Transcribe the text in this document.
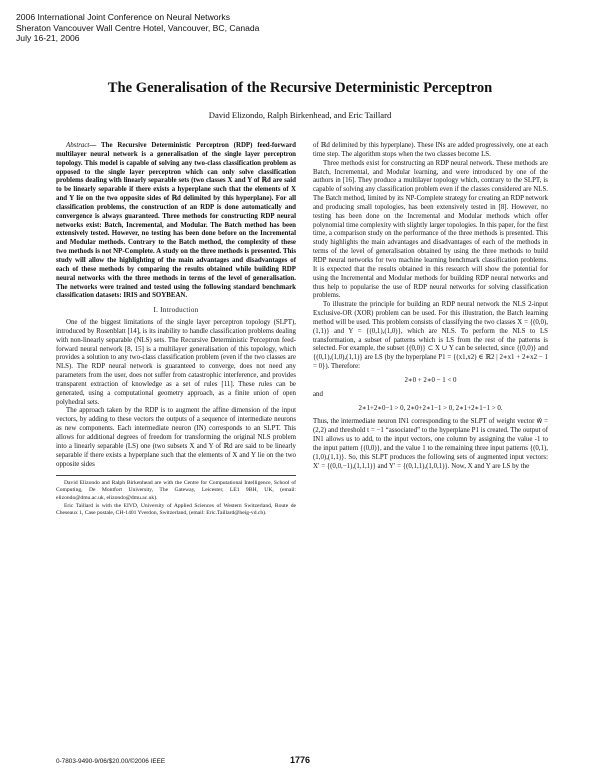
2006 International Joint Conference on Neural Networks
Sheraton Vancouver Wall Centre Hotel, Vancouver, BC, Canada
July 16-21, 2006
The Generalisation of the Recursive Deterministic Perceptron
David Elizondo, Ralph Birkenhead, and Eric Taillard

Abstract— The Recursive Deterministic Perceptron (RDP) feed-forward multilayer neural network is a generalisation of the single layer perceptron topology. This model is capable of solving any two-class classification problem as opposed to the single layer perceptron which can only solve classification problems dealing with linearly separable sets (two classes X and Y of ℝd are said to be linearly separable if there exists a hyperplane such that the elements of X and Y lie on the two opposite sides of ℝd delimited by this hyperplane). For all classification problems, the construction of an RDP is done automatically and convergence is always guaranteed. Three methods for constructing RDP neural networks exist: Batch, Incremental, and Modular. The Batch method has been extensively tested. However, no testing has been done before on the Incremental and Modular methods. Contrary to the Batch method, the complexity of these two methods is not NP-Complete. A study on the three methods is presented. This study will allow the highlighting of the main advantages and disadvantages of each of these methods by comparing the results obtained while building RDP neural networks with the three methods in terms of the level of generalisation. The networks were trained and tested using the following standard benchmark classification datasets: IRIS and SOYBEAN.

I. Introduction

One of the biggest limitations of the single layer perceptron topology (SLPT), introduced by Rosenblatt [14], is its inability to handle classification problems dealing with non-linearly separable (NLS) sets. The Recursive Deterministic Perceptron feed-forward neural network [8, 15] is a multilayer generalisation of this topology, which provides a solution to any two-class classification problem (even if the two classes are NLS). The RDP neural network is guaranteed to converge, does not need any parameters from the user, does not suffer from catastrophic interference, and provides transparent extraction of knowledge as a set of rules [11]. These rules can be generated, using a computational geometry approach, as a finite union of open polyhedral sets.

The approach taken by the RDP is to augment the affine dimension of the input vectors, by adding to these vectors the outputs of a sequence of intermediate neurons as new components. Each intermediate neuron (IN) corresponds to an SLPT. This allows for additional degrees of freedom for transforming the original NLS problem into a linearly separable (LS) one (two subsets X and Y of ℝd are said to be linearly separable if there exists a hyperplane such that the elements of X and Y lie on the two opposite sides

David Elizondo and Ralph Birkenhead are with the Centre for Computational Intelligence, School of Computing, De Montfort University, The Gateway, Leicester, LE1 9BH, UK, (email: elizondo@dmu.ac.uk, elizondo@dmu.ac.uk).

Eric Taillard is with the EIVD, University of Applied Sciences of Western Switzerland, Route de Cheseaux 1, Case postale, CH-1401 Yverdon, Switzerland, (email: Eric.Taillard@heig-vd.ch).

of ℝd delimited by this hyperplane). These INs are added progressively, one at each time step. The algorithm stops when the two classes become LS.

Three methods exist for constructing an RDP neural network. These methods are Batch, Incremental, and Modular learning, and were introduced by one of the authors in [16]. They produce a multilayer topology which, contrary to the SLPT, is capable of solving any classification problem even if the classes considered are NLS. The Batch method, limited by its NP-Complete strategy for creating an RDP network and producing small topologies, has been extensively tested in [8]. However, no testing has been done on the Incremental and Modular methods which offer polynomial time complexity with slightly larger topologies. In this paper, for the first time, a comparison study on the performance of the three methods is presented. This study highlights the main advantages and disadvantages of each of the methods in terms of the level of generalisation obtained by using the three methods to build RDP neural networks for two machine learning benchmark classification problems. It is expected that the results obtained in this research will show the potential for using the Incremental and Modular methods for building RDP neural networks and thus help to popularise the use of RDP neural networks for solving classification problems.

To illustrate the principle for building an RDP neural network the NLS 2-input Exclusive-OR (XOR) problem can be used. For this illustration, the Batch learning method will be used. This problem consists of classifying the two classes X = {(0,0),(1,1)} and Y = {(0,1),(1,0)}, which are NLS. To perform the NLS to LS transformation, a subset of patterns which is LS from the rest of the patterns is selected. For example, the subset {(0,0)} ⊂ X ∪ Y can be selected, since {(0,0)} and {(0,1),(1,0),(1,1)} are LS (by the hyperplane P1 = {(x1,x2) ∈ ℝ2 | 2∗x1 + 2∗x2 − 1 = 0}). Therefore:

2∗0 + 2∗0 − 1 < 0

and

2∗1+2∗0−1 > 0, 2∗0+2∗1−1 > 0, 2∗1+2∗1−1 > 0.

Thus, the intermediate neuron IN1 corresponding to the SLPT of weight vector w⃗ = (2,2) and threshold t = −1 “associated” to the hyperplane P1 is created. The output of IN1 allows us to add, to the input vectors, one column by assigning the value -1 to the input pattern {(0,0)}, and the value 1 to the remaining three input patterns {(0,1),(1,0),(1,1)}. So, this SLPT produces the following sets of augmented input vectors: X′ = {(0,0,−1),(1,1,1)} and Y′ = {(0,1,1),(1,0,1)}. Now, X and Y are LS by the

0-7803-9490-9/06/$20.00/©2006 IEEE	1776
